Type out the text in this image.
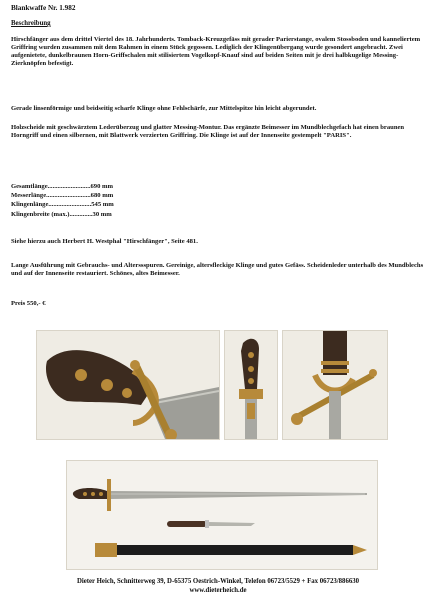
Blankwaffe Nr. 1.982

Beschreibung

Hirschfänger aus dem drittel Viertel des 18. Jahrhunderts. Tomback-Kreuzgefäss mit gerader Parierstange, ovalem Stossboden und kanneliertem Griffring wurden zusammen mit dem Rahmen in einem Stück gegossen. Lediglich der Klingenübergang wurde gesondert angebracht. Zwei aufgenietete, dunkelbraunen Horn-Griffschalen mit stilisiertem Vogelkopf-Knauf sind auf beiden Seiten mit je drei halbkugelige Messing-Zierknöpfen befestigt.

Gerade linsenförmige und beidseitig scharfe Klinge ohne Fehlschärfe, zur Mittelspitze hin leicht abgerundet.

Holzscheide mit geschwärztem Lederüberzug und glatter Messing-Montur. Das ergänzte Beimesser im Mundblechgefach hat einen braunen Horngriff und einen silbernen, mit Blattwerk verzierten Griffring. Die Klinge ist auf der Innenseite gestempelt "PARIS".

Gesamtlänge..........................690 mm
Messerlänge...........................680 mm
Klingenlänge..........................545 mm
Klingenbreite (max.)..............30 mm

Siehe hierzu auch Herbert H. Westphal "Hirschfänger", Seite 481.

Lange Ausführung mit Gebrauchs- und Alterssspuren. Gereinige, altersfleckige Klinge und gutes Gefäss. Scheidenleder unterhalb des Mundblechs und auf der Innenseite restauriert. Schönes, altes Beimesser.

Preis 550,- €

Dieter Heich, Schnitterweg 39, D-65375 Oestrich-Winkel, Telefon 06723/5529 + Fax 06723/886630
www.dieterheich.de
